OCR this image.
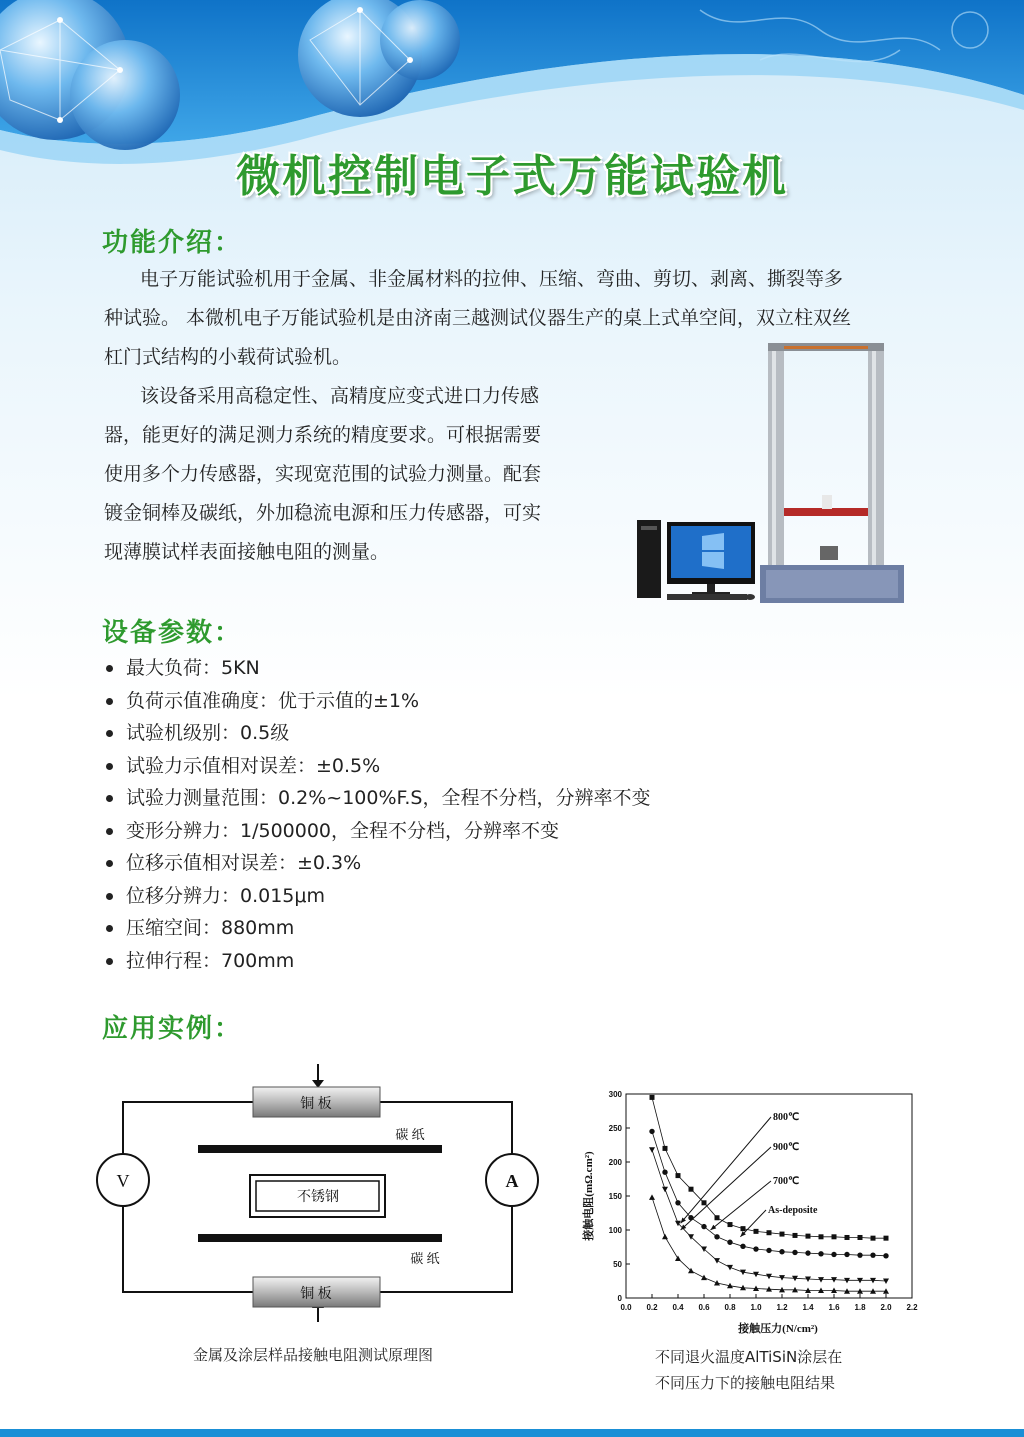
微机控制电子式万能试验机
功能介绍：
电子万能试验机用于金属、非金属材料的拉伸、压缩、弯曲、剪切、剥离、撕裂等多
种试验。 本微机电子万能试验机是由济南三越测试仪器生产的桌上式单空间，双立柱双丝
杠门式结构的小载荷试验机。
该设备采用高稳定性、高精度应变式进口力传感
器，能更好的满足测力系统的精度要求。可根据需要
使用多个力传感器，实现宽范围的试验力测量。配套
镀金铜棒及碳纸，外加稳流电源和压力传感器，可实
现薄膜试样表面接触电阻的测量。
设备参数：
最大负荷：5KN
负荷示值准确度：优于示值的±1%
试验机级别：0.5级
试验力示值相对误差：±0.5%
试验力测量范围：0.2%~100%F.S，全程不分档，分辨率不变
变形分辨力：1/500000，全程不分档，分辨率不变
位移示值相对误差：±0.3%
位移分辨力：0.015μm
压缩空间：880mm
拉伸行程：700mm
应用实例：
铜 板
铜 板
碳 纸
碳 纸
不锈钢
V	A
金属及涂层样品接触电阻测试原理图
0.0 0.2 0.4 0.6 0.8 1.0 1.2 1.4 1.6 1.8 2.0 2.2
0
50
100
150
200
250
300
800℃
900℃
700℃
As-deposite
接触压力(N/cm²)
接触电阻(mΩ.cm²)
不同退火温度AlTiSiN涂层在
不同压力下的接触电阻结果
